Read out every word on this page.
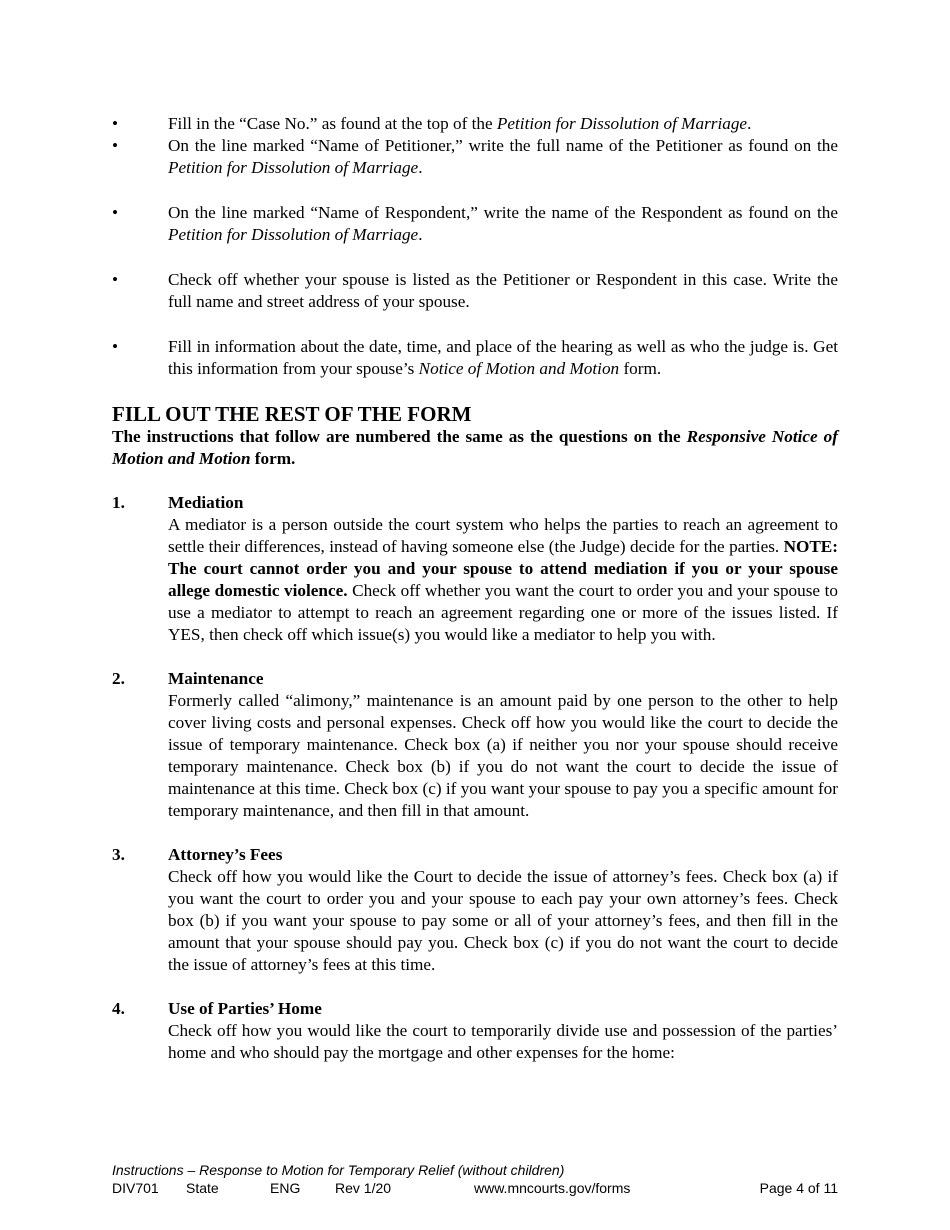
•	Fill in the “Case No.” as found at the top of the Petition for Dissolution of Marriage.
•	On the line marked “Name of Petitioner,” write the full name of the Petitioner as found on the Petition for Dissolution of Marriage.
•	On the line marked “Name of Respondent,” write the name of the Respondent as found on the Petition for Dissolution of Marriage.
•	Check off whether your spouse is listed as the Petitioner or Respondent in this case. Write the full name and street address of your spouse.
•	Fill in information about the date, time, and place of the hearing as well as who the judge is. Get this information from your spouse’s Notice of Motion and Motion form.
FILL OUT THE REST OF THE FORM

The instructions that follow are numbered the same as the questions on the Responsive Notice of Motion and Motion form.

1.	Mediation
A mediator is a person outside the court system who helps the parties to reach an agreement to settle their differences, instead of having someone else (the Judge) decide for the parties. NOTE: The court cannot order you and your spouse to attend mediation if you or your spouse allege domestic violence. Check off whether you want the court to order you and your spouse to use a mediator to attempt to reach an agreement regarding one or more of the issues listed. If YES, then check off which issue(s) you would like a mediator to help you with.
2.	Maintenance
Formerly called “alimony,” maintenance is an amount paid by one person to the other to help cover living costs and personal expenses. Check off how you would like the court to decide the issue of temporary maintenance. Check box (a) if neither you nor your spouse should receive temporary maintenance. Check box (b) if you do not want the court to decide the issue of maintenance at this time. Check box (c) if you want your spouse to pay you a specific amount for temporary maintenance, and then fill in that amount.
3.	Attorney’s Fees
Check off how you would like the Court to decide the issue of attorney’s fees. Check box (a) if you want the court to order you and your spouse to each pay your own attorney’s fees. Check box (b) if you want your spouse to pay some or all of your attorney’s fees, and then fill in the amount that your spouse should pay you. Check box (c) if you do not want the court to decide the issue of attorney’s fees at this time.
4.	Use of Parties’ Home
Check off how you would like the court to temporarily divide use and possession of the parties’ home and who should pay the mortgage and other expenses for the home:
Instructions – Response to Motion for Temporary Relief (without children)
DIV701 State	ENG Rev 1/20	www.mncourts.gov/forms	Page 4 of 11
